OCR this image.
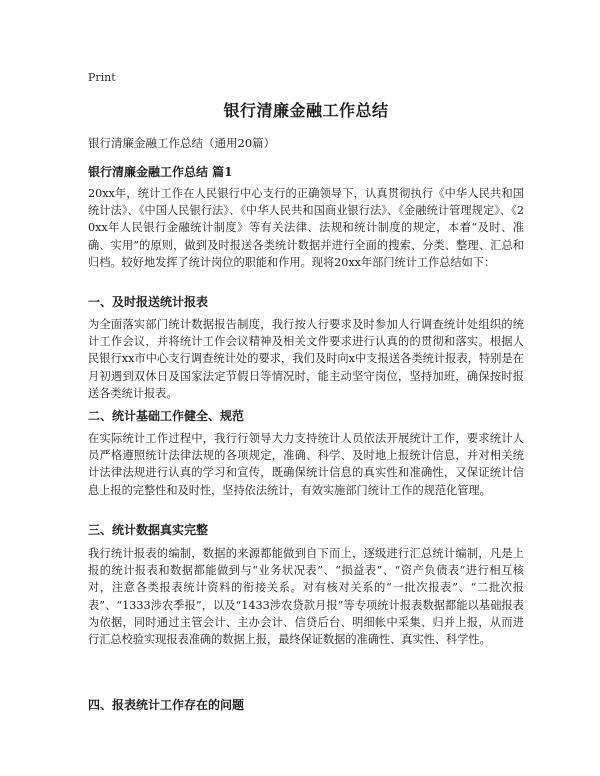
Print
银行清廉金融工作总结
银行清廉金融工作总结（通用20篇）
银行清廉金融工作总结 篇1
20xx年，统计工作在人民银行中心支行的正确领导下，认真贯彻执行《中华人民共和国统计法》、《中国人民银行法》、《中华人民共和国商业银行法》、《金融统计管理规定》、《20xx年人民银行金融统计制度》等有关法律、法规和统计制度的规定，本着“及时、准确、实用”的原则，做到及时报送各类统计数据并进行全面的搜索、分类、整理、汇总和归档。较好地发挥了统计岗位的职能和作用。现将20xx年部门统计工作总结如下：
一、及时报送统计报表
为全面落实部门统计数据报告制度，我行按人行要求及时参加人行调查统计处组织的统计工作会议，并将统计工作会议精神及相关文件要求进行认真的的贯彻和落实。根据人民银行xx市中心支行调查统计处的要求，我们及时向x中支报送各类统计报表，特别是在月初遇到双休日及国家法定节假日等情况时，能主动坚守岗位，坚持加班，确保按时报送各类统计报表。
二、统计基础工作健全、规范
在实际统计工作过程中，我行行领导大力支持统计人员依法开展统计工作，要求统计人员严格遵照统计法律法规的各项规定，准确、科学、及时地上报统计信息，并对相关统计法律法规进行认真的学习和宣传，既确保统计信息的真实性和准确性，又保证统计信息上报的完整性和及时性，坚持依法统计，有效实施部门统计工作的规范化管理。
三、统计数据真实完整
我行统计报表的编制，数据的来源都能做到自下而上，逐级进行汇总统计编制，凡是上报的统计报表和数据都能做到与“业务状况表”、“损益表”、“资产负债表”进行相互核对，注意各类报表统计资料的衔接关系。对有核对关系的“一批次报表”、“二批次报表”、“1333涉农季报”，以及“1433涉农贷款月报”等专项统计报表数据都能以基础报表为依据，同时通过主管会计、主办会计、信贷后台、明细帐中采集、归并上报，从而进行汇总校验实现报表准确的数据上报，最终保证数据的准确性、真实性、科学性。
四、报表统计工作存在的问题
